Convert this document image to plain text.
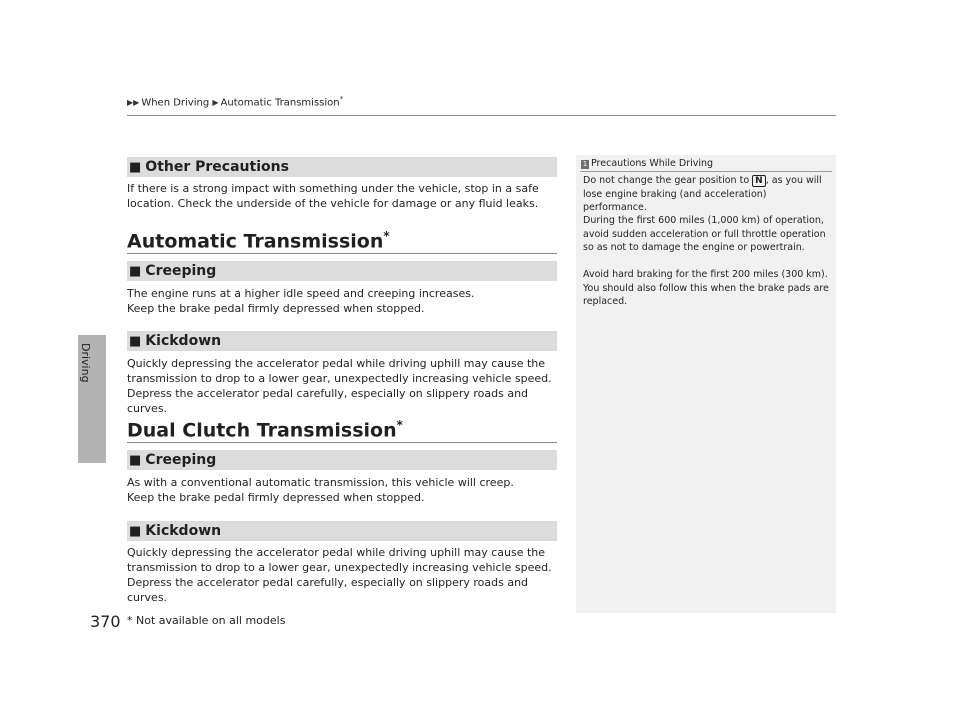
▶▶ When Driving ▶ Automatic Transmission*
Driving
■ Other Precautions
If there is a strong impact with something under the vehicle, stop in a safe location. Check the underside of the vehicle for damage or any fluid leaks.
Automatic Transmission*
■ Creeping
The engine runs at a higher idle speed and creeping increases.
Keep the brake pedal firmly depressed when stopped.
■ Kickdown
Quickly depressing the accelerator pedal while driving uphill may cause the transmission to drop to a lower gear, unexpectedly increasing vehicle speed. Depress the accelerator pedal carefully, especially on slippery roads and curves.
Dual Clutch Transmission*
■ Creeping
As with a conventional automatic transmission, this vehicle will creep.
Keep the brake pedal firmly depressed when stopped.
■ Kickdown
Quickly depressing the accelerator pedal while driving uphill may cause the transmission to drop to a lower gear, unexpectedly increasing vehicle speed. Depress the accelerator pedal carefully, especially on slippery roads and curves.
1 Precautions While Driving
Do not change the gear position to N , as you will lose engine braking (and acceleration) performance.
During the first 600 miles (1,000 km) of operation, avoid sudden acceleration or full throttle operation so as not to damage the engine or powertrain.
Avoid hard braking for the first 200 miles (300 km). You should also follow this when the brake pads are replaced.
370 * Not available on all models
